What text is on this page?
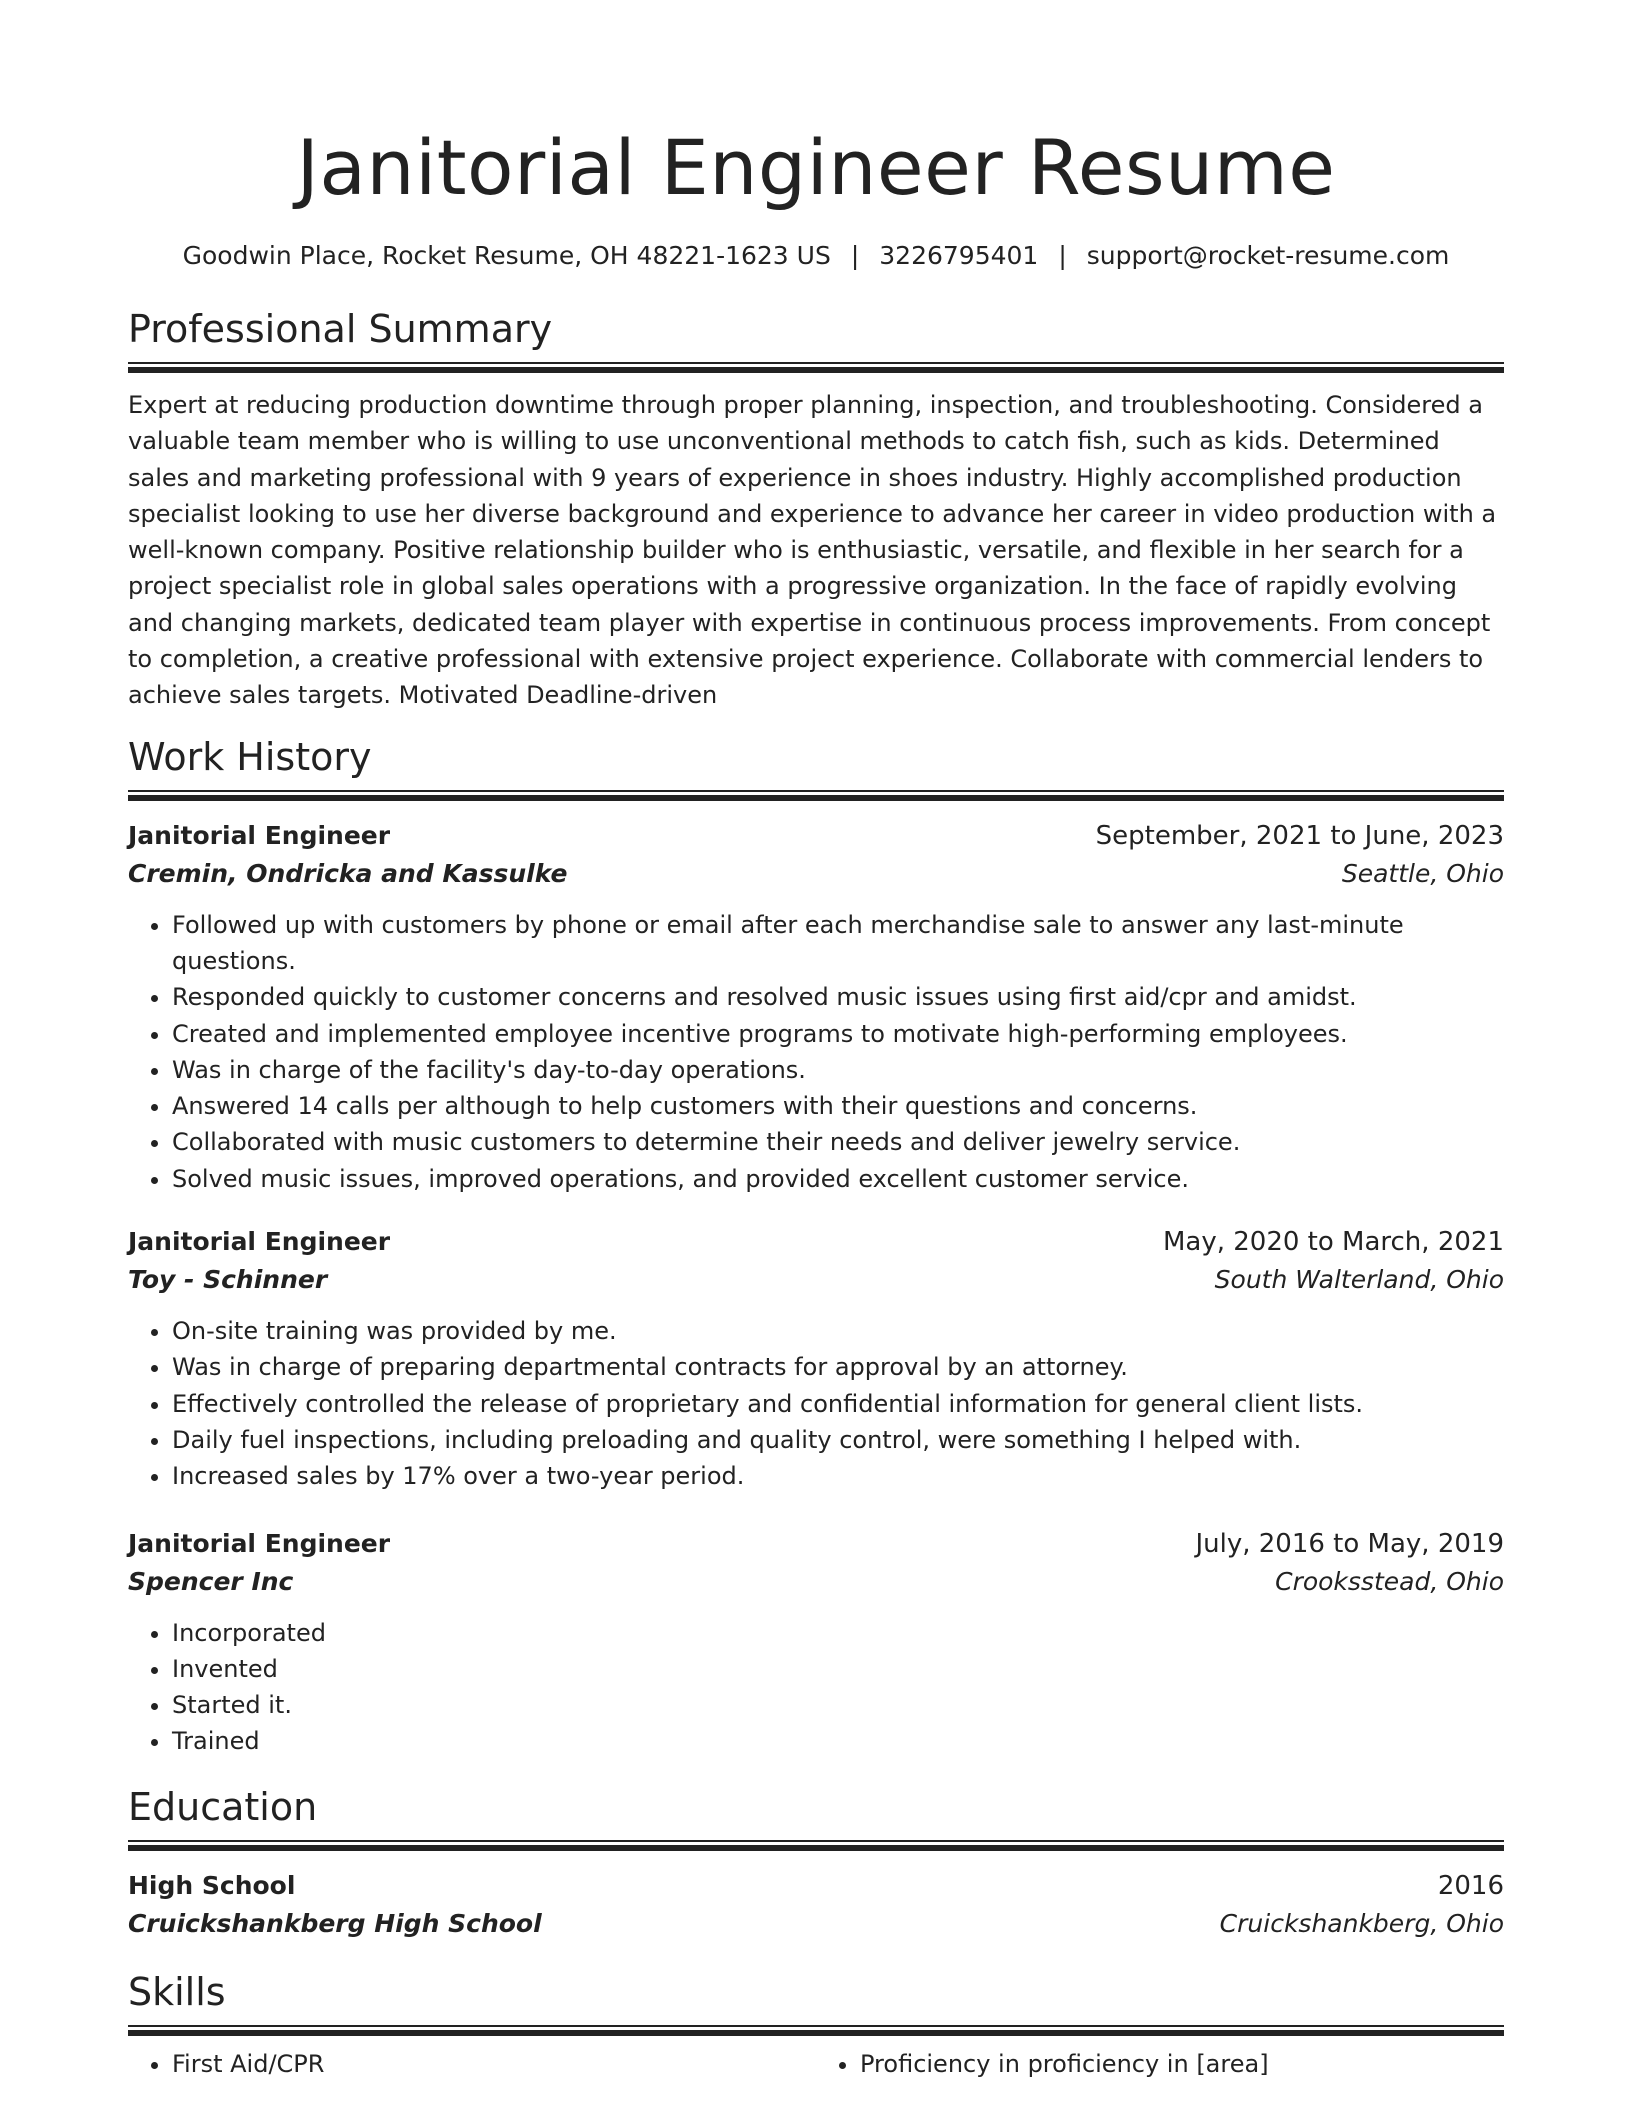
Janitorial Engineer Resume
Goodwin Place, Rocket Resume, OH 48221-1623 US | 3226795401 | support@rocket-resume.com
Professional Summary

Expert at reducing production downtime through proper planning, inspection, and troubleshooting. Considered a valuable team member who is willing to use unconventional methods to catch fish, such as kids. Determined sales and marketing professional with 9 years of experience in shoes industry. Highly accomplished production specialist looking to use her diverse background and experience to advance her career in video production with a well-known company. Positive relationship builder who is enthusiastic, versatile, and flexible in her search for a project specialist role in global sales operations with a progressive organization. In the face of rapidly evolving and changing markets, dedicated team player with expertise in continuous process improvements. From concept to completion, a creative professional with extensive project experience. Collaborate with commercial lenders to achieve sales targets. Motivated Deadline-driven

Work History
Janitorial Engineer	September, 2021 to June, 2023
Cremin, Ondricka and Kassulke	Seattle, Ohio
• Followed up with customers by phone or email after each merchandise sale to answer any last-minute questions.
• Responded quickly to customer concerns and resolved music issues using first aid/cpr and amidst.
• Created and implemented employee incentive programs to motivate high-performing employees.
• Was in charge of the facility's day-to-day operations.
• Answered 14 calls per although to help customers with their questions and concerns.
• Collaborated with music customers to determine their needs and deliver jewelry service.
• Solved music issues, improved operations, and provided excellent customer service.
Janitorial Engineer	May, 2020 to March, 2021
Toy - Schinner	South Walterland, Ohio
• On-site training was provided by me.
• Was in charge of preparing departmental contracts for approval by an attorney.
• Effectively controlled the release of proprietary and confidential information for general client lists.
• Daily fuel inspections, including preloading and quality control, were something I helped with.
• Increased sales by 17% over a two-year period.
Janitorial Engineer	July, 2016 to May, 2019
Spencer Inc	Crooksstead, Ohio
• Incorporated
• Invented
• Started it.
• Trained
Education
High School	2016
Cruickshankberg High School	Cruickshankberg, Ohio
Skills
• First Aid/CPR
•	Proficiency in proficiency in [area]
